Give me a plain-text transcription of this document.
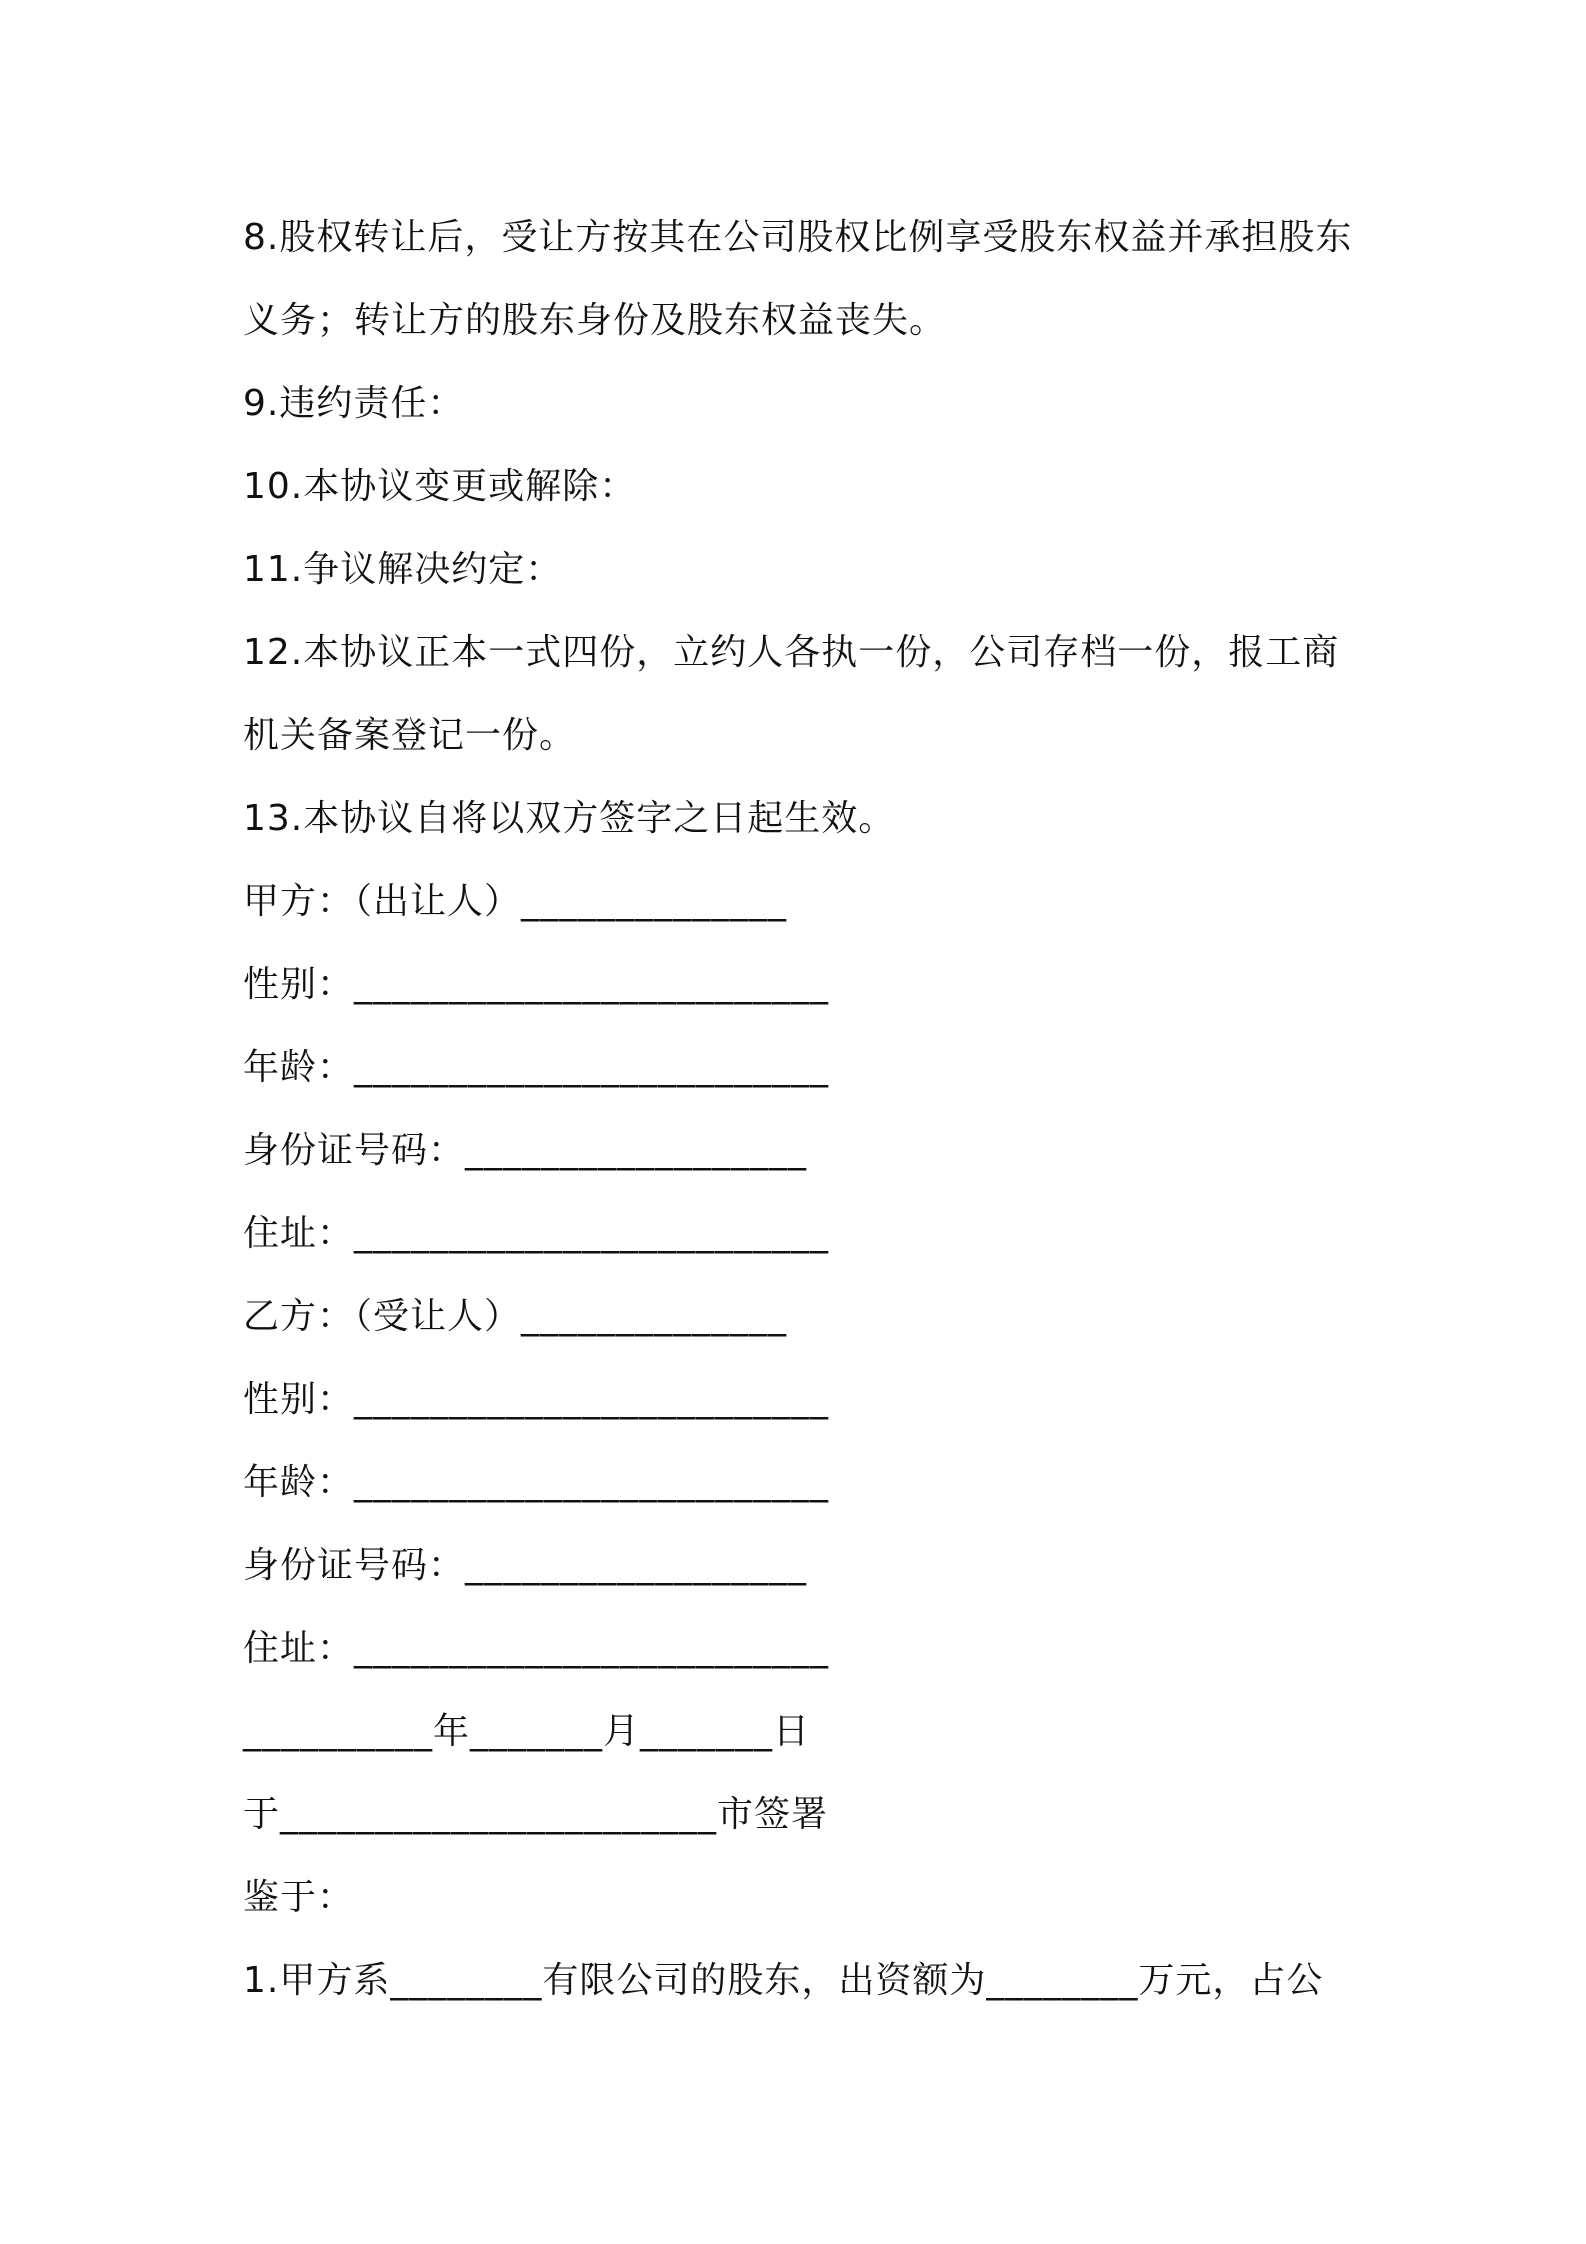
8.股权转让后，受让方按其在公司股权比例享受股东权益并承担股东
义务；转让方的股东身份及股东权益丧失。
9.违约责任：
10.本协议变更或解除：
11.争议解决约定：
12.本协议正本一式四份，立约人各执一份，公司存档一份，报工商
机关备案登记一份。
13.本协议自将以双方签字之日起生效。
甲方：（出让人）______________
性别：_________________________
年龄：_________________________
身份证号码：__________________
住址：_________________________
乙方：（受让人）______________
性别：_________________________
年龄：_________________________
身份证号码：__________________
住址：_________________________
__________年_______月_______日
于_______________________市签署
鉴于：
1.甲方系________有限公司的股东，出资额为________万元，占公
